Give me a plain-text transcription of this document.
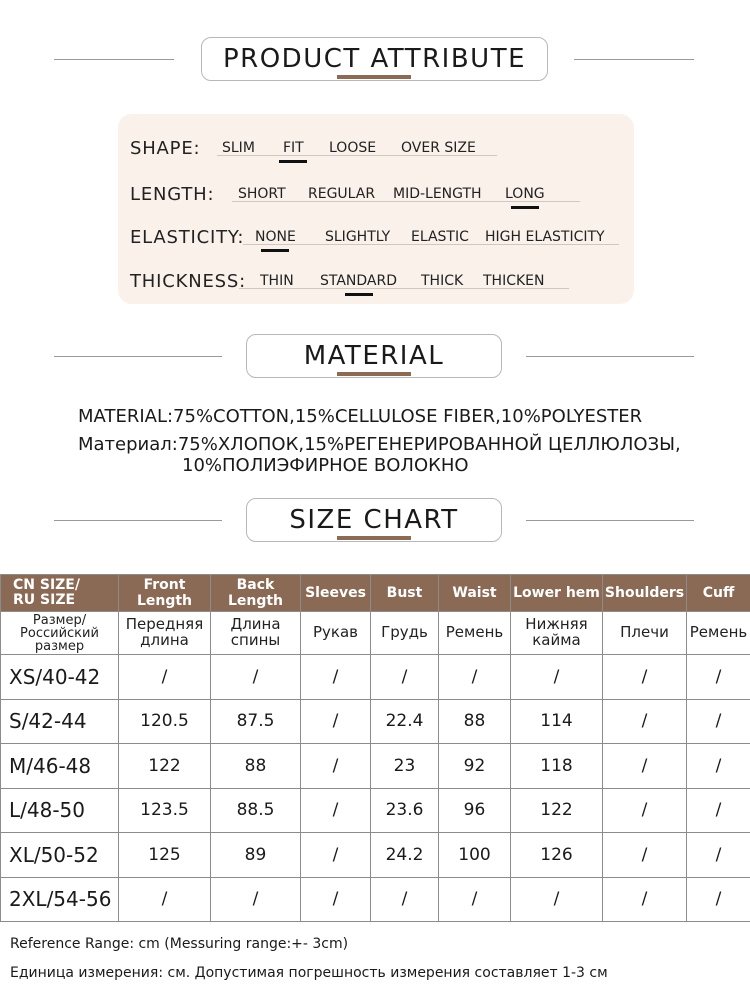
PRODUCT ATTRIBUTE
SHAPE: SLIM FIT LOOSE OVER SIZE
LENGTH: SHORT REGULAR MID-LENGTH LONG
ELASTICITY: NONE SLIGHTLY ELASTIC HIGH ELASTICITY
THICKNESS: THIN STANDARD THICK THICKEN
MATERIAL
MATERIAL:75%COTTON,15%CELLULOSE FIBER,10%POLYESTER
Материал:75%ХЛОПОК,15%РЕГЕНЕРИРОВАННОЙ ЦЕЛЛЮЛОЗЫ,
10%ПОЛИЭФИРНОЕ ВОЛОКНО
SIZE CHART
CN SIZE/
RU SIZE	Front Length	Back Length	Sleeves	Bust	Waist	Lower hem	Shoulders	Cuff

Размер/
Российский
размер	Передняя длина	Длина спины	Рукав	Грудь	Ремень	Нижняя кайма	Плечи	Ремень
XS/40-42	/	/	/	/	/	/	/	/
S/42-44	120.5	87.5	/	22.4	88	114	/	/
M/46-48	122	88	/	23	92	118	/	/
L/48-50	123.5	88.5	/	23.6	96	122	/	/
XL/50-52	125	89	/	24.2	100	126	/	/
2XL/54-56	/	/	/	/	/	/	/	/
Reference Range: cm (Messuring range:+- 3cm)
Единица измерения: см. Допустимая погрешность измерения составляет 1-3 см
